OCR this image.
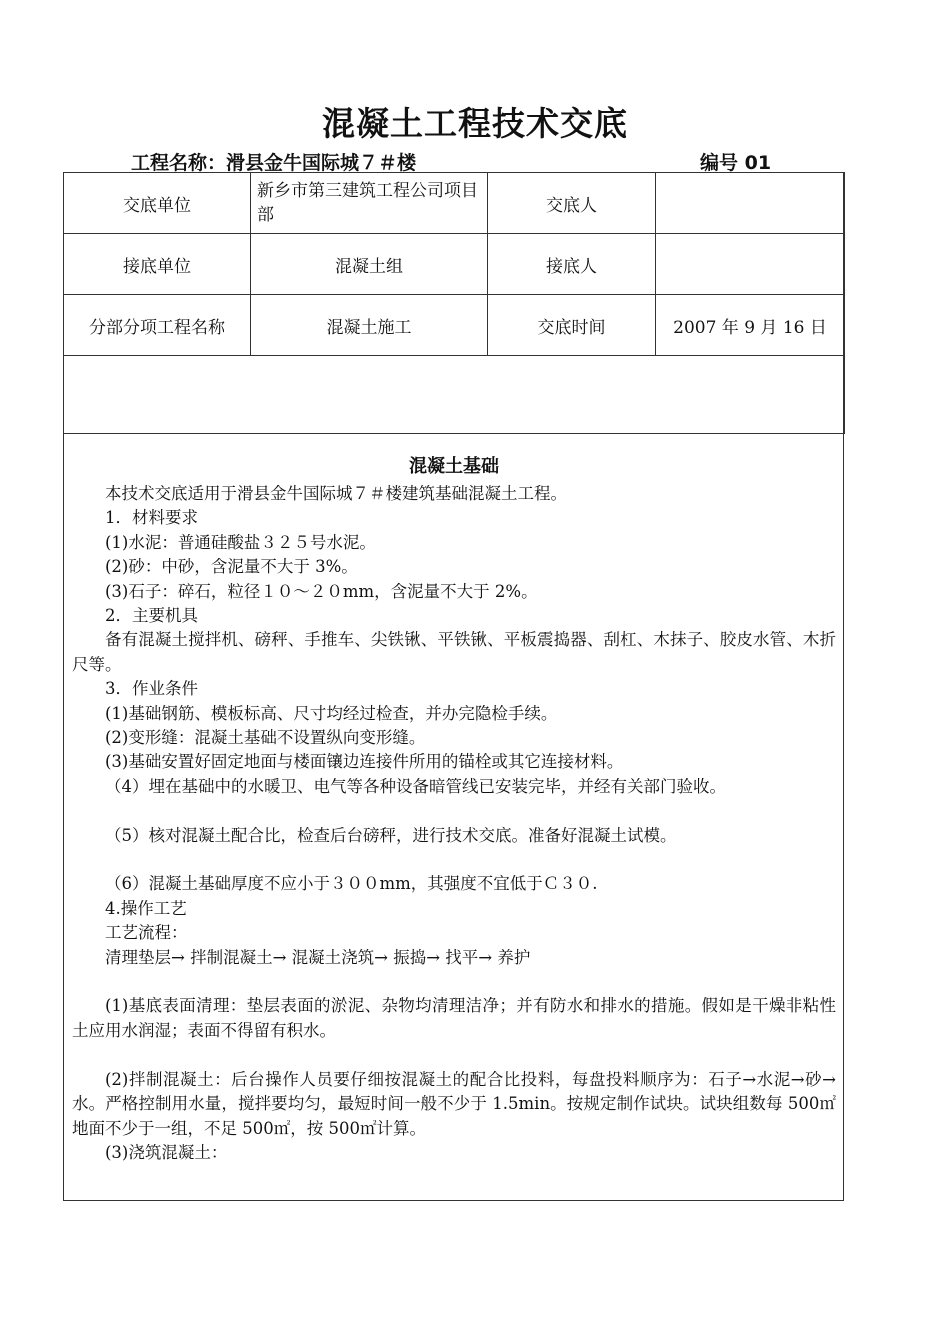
混凝土工程技术交底
工程名称：滑县金牛国际城７＃楼	编号 01
交底单位	新乡市第三建筑工程公司项目部	交底人	
接底单位	混凝土组	接底人	
分部分项工程名称	混凝土施工	交底时间	2007 年 9 月 16 日

混凝土基础

本技术交底适用于滑县金牛国际城７＃楼建筑基础混凝土工程。

1．材料要求

(1)水泥：普通硅酸盐３２５号水泥。

(2)砂：中砂，含泥量不大于 3%。

(3)石子：碎石，粒径１０～２０mm，含泥量不大于 2%。

2．主要机具

备有混凝土搅拌机、磅秤、手推车、尖铁锹、平铁锹、平板震捣器、刮杠、木抹子、胶皮水管、木折尺等。

3．作业条件

(1)基础钢筋、模板标高、尺寸均经过检查，并办完隐检手续。

(2)变形缝：混凝土基础不设置纵向变形缝。

(3)基础安置好固定地面与楼面镶边连接件所用的锚栓或其它连接材料。

（4）埋在基础中的水暖卫、电气等各种设备暗管线已安装完毕，并经有关部门验收。

（5）核对混凝土配合比，检查后台磅秤，进行技术交底。准备好混凝土试模。

（6）混凝土基础厚度不应小于３００mm，其强度不宜低于Ｃ３０.

4.操作工艺

工艺流程：

清理垫层→ 拌制混凝土→ 混凝土浇筑→ 振捣→ 找平→ 养护

(1)基底表面清理：垫层表面的淤泥、杂物均清理洁净；并有防水和排水的措施。假如是干燥非粘性土应用水润湿；表面不得留有积水。

(2)拌制混凝土：后台操作人员要仔细按混凝土的配合比投料，每盘投料顺序为：石子→水泥→砂→水。严格控制用水量，搅拌要均匀，最短时间一般不少于 1.5min。按规定制作试块。试块组数每 500㎡地面不少于一组，不足 500㎡，按 500㎡计算。

(3)浇筑混凝土：
